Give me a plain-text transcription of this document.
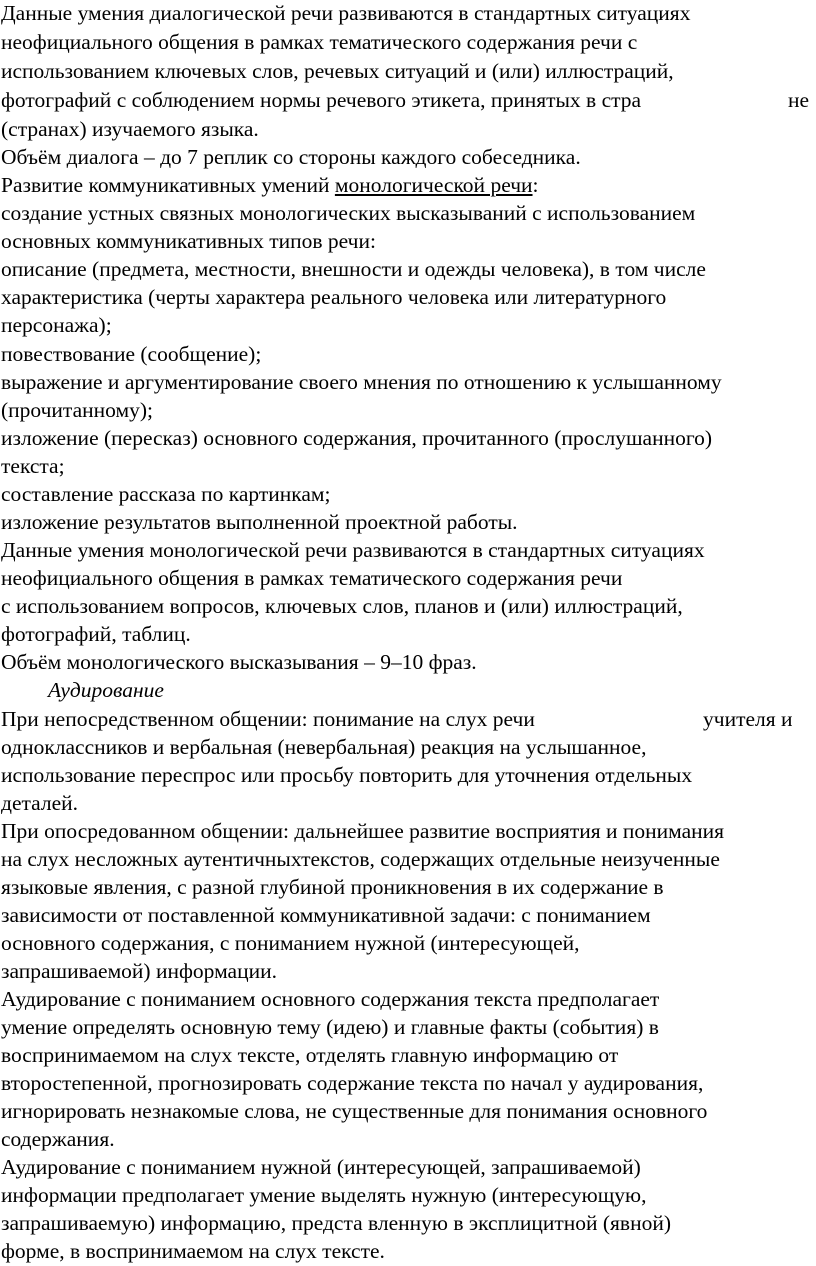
Данные умения диалогической речи развиваются в стандартных ситуациях
неофициального общения в рамках тематического содержания речи с
использованием ключевых слов, речевых ситуаций и (или) иллюстраций,
фотографий с соблюдением нормы речевого этикета, принятых в стра	не
(странах) изучаемого языка.
Объём диалога – до 7 реплик со стороны каждого собеседника.
Развитие коммуникативных умений монологической речи:
создание устных связных монологических высказываний с использованием
основных коммуникативных типов речи:
описание (предмета, местности, внешности и одежды человека), в том числе
характеристика (черты характера реального человека или литературного
персонажа);
повествование (сообщение);
выражение и аргументирование своего мнения по отношению к услышанному
(прочитанному);
изложение (пересказ) основного содержания, прочитанного (прослушанного)
текста;
составление рассказа по картинкам;
изложение результатов выполненной проектной работы.
Данные умения монологической речи развиваются в стандартных ситуациях
неофициального общения в рамках тематического содержания речи
с использованием вопросов, ключевых слов, планов и (или) иллюстраций,
фотографий, таблиц.
Объём монологического высказывания – 9–10 фраз.
Аудирование
При непосредственном общении: понимание на слух речи	учителя и
одноклассников и вербальная (невербальная) реакция на услышанное,
использование переспрос или просьбу повторить для уточнения отдельных
деталей.
При опосредованном общении: дальнейшее развитие восприятия и понимания
на слух несложных аутентичныхтекстов, содержащих отдельные неизученные
языковые явления, с разной глубиной проникновения в их содержание в
зависимости от поставленной коммуникативной задачи: с пониманием
основного содержания, с пониманием нужной (интересующей,
запрашиваемой) информации.
Аудирование с пониманием основного содержания текста предполагает
умение определять основную тему (идею) и главные факты (события) в
воспринимаемом на слух тексте, отделять главную информацию от
второстепенной, прогнозировать содержание текста по начал у аудирования,
игнорировать незнакомые слова, не существенные для понимания основного
содержания.
Аудирование с пониманием нужной (интересующей, запрашиваемой)
информации предполагает умение выделять нужную (интересующую,
запрашиваемую) информацию, предста вленную в эксплицитной (явной)
форме, в воспринимаемом на слух тексте.
